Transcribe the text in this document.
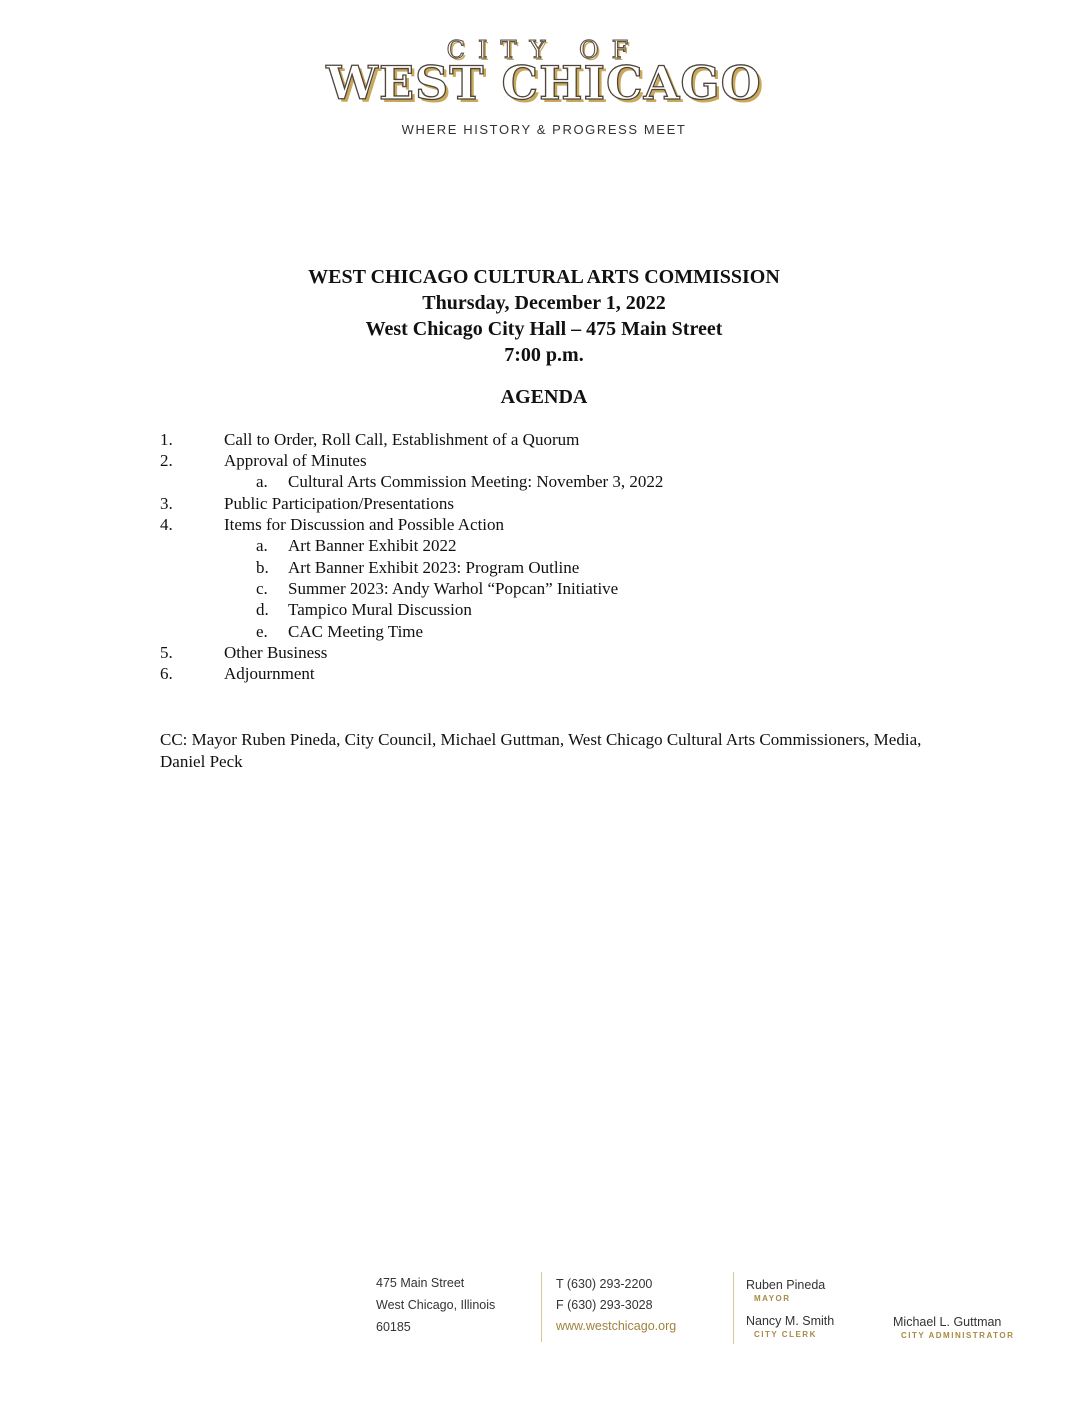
CITY OF
WEST CHICAGO
WHERE HISTORY & PROGRESS MEET
WEST CHICAGO CULTURAL ARTS COMMISSION
Thursday, December 1, 2022
West Chicago City Hall – 475 Main Street
7:00 p.m.
AGENDA
1.	Call to Order, Roll Call, Establishment of a Quorum
2.	Approval of Minutes
a. Cultural Arts Commission Meeting: November 3, 2022
3.	Public Participation/Presentations
4.	Items for Discussion and Possible Action
a. Art Banner Exhibit 2022
b. Art Banner Exhibit 2023: Program Outline
c. Summer 2023: Andy Warhol “Popcan” Initiative
d. Tampico Mural Discussion
e. CAC Meeting Time
5.	Other Business
6.	Adjournment
CC: Mayor Ruben Pineda, City Council, Michael Guttman, West Chicago Cultural Arts Commissioners, Media, Daniel Peck
475 Main Street
West Chicago, Illinois
60185
T (630) 293-2200
F (630) 293-3028
www.westchicago.org
Ruben Pineda
MAYOR
Nancy M. Smith
CITY CLERK
Michael L. Guttman
CITY ADMINISTRATOR
